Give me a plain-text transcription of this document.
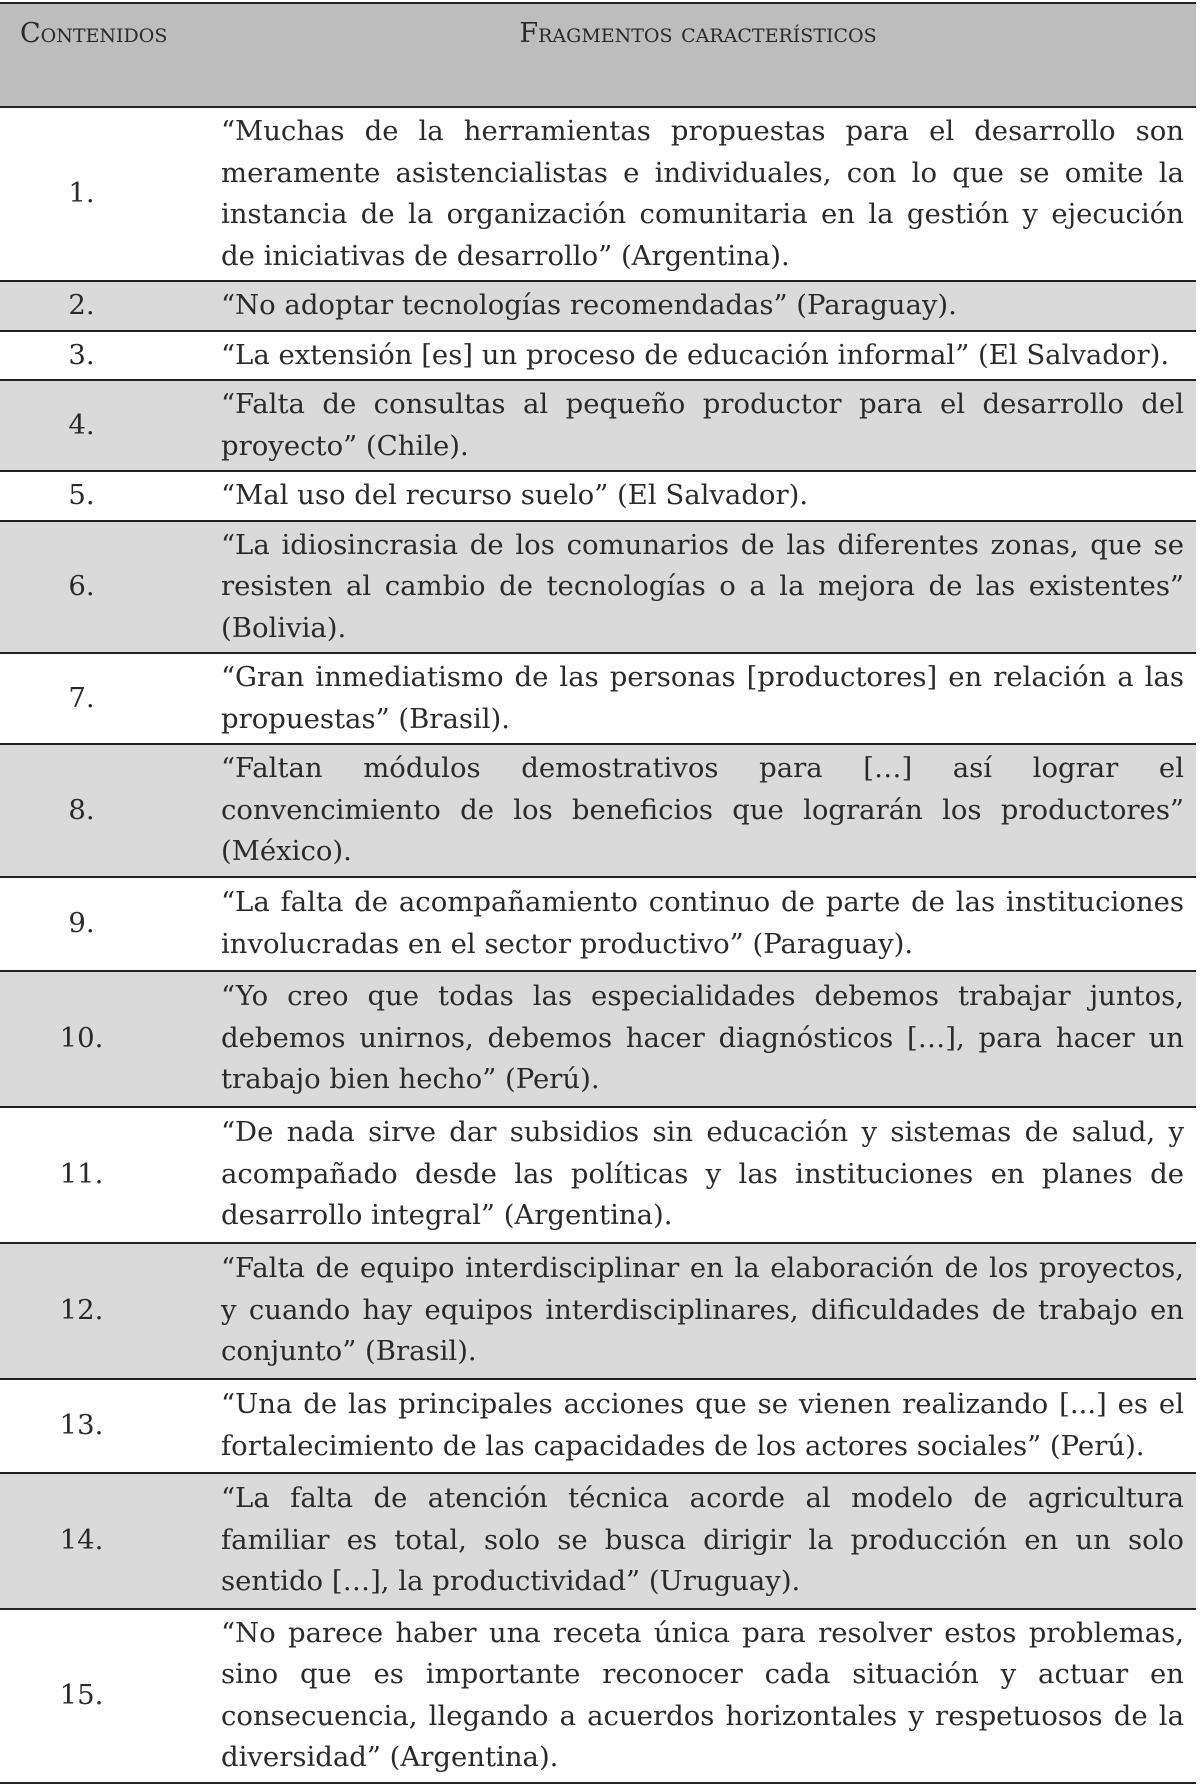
Contenidos	Fragmentos característicos
1.	“Muchas de la herramientas propuestas para el desarrollo son meramente asistencialistas e individuales, con lo que se omite la instancia de la organización comunitaria en la gestión y ejecución de iniciativas de desarrollo” (Argentina).
2.	“No adoptar tecnologías recomendadas” (Paraguay).
3.	“La extensión [es] un proceso de educación informal” (El Salvador).
4.	“Falta de consultas al pequeño productor para el desarrollo del proyecto” (Chile).
5.	“Mal uso del recurso suelo” (El Salvador).
6.	“La idiosincrasia de los comunarios de las diferentes zonas, que se resisten al cambio de tecnologías o a la mejora de las existentes” (Bolivia).
7.	“Gran inmediatismo de las personas [productores] en relación a las propuestas” (Brasil).
8.	“Faltan módulos demostrativos para […] así lograr el convencimiento de los beneficios que lograrán los productores” (México).
9.	“La falta de acompañamiento continuo de parte de las instituciones involucradas en el sector productivo” (Paraguay).
10.	“Yo creo que todas las especialidades debemos trabajar juntos, debemos unirnos, debemos hacer diagnósticos […], para hacer un trabajo bien hecho” (Perú).
11.	“De nada sirve dar subsidios sin educación y sistemas de salud, y acompañado desde las políticas y las instituciones en planes de desarrollo integral” (Argentina).
12.	“Falta de equipo interdisciplinar en la elaboración de los proyectos, y cuando hay equipos interdisciplinares, dificuldades de trabajo en conjunto” (Brasil).
13.	“Una de las principales acciones que se vienen realizando [...] es el fortalecimiento de las capacidades de los actores sociales” (Perú).
14.	“La falta de atención técnica acorde al modelo de agricultura familiar es total, solo se busca dirigir la producción en un solo sentido […], la productividad” (Uruguay).
15.	“No parece haber una receta única para resolver estos problemas, sino que es importante reconocer cada situación y actuar en consecuencia, llegando a acuerdos horizontales y respetuosos de la diversidad” (Argentina).
